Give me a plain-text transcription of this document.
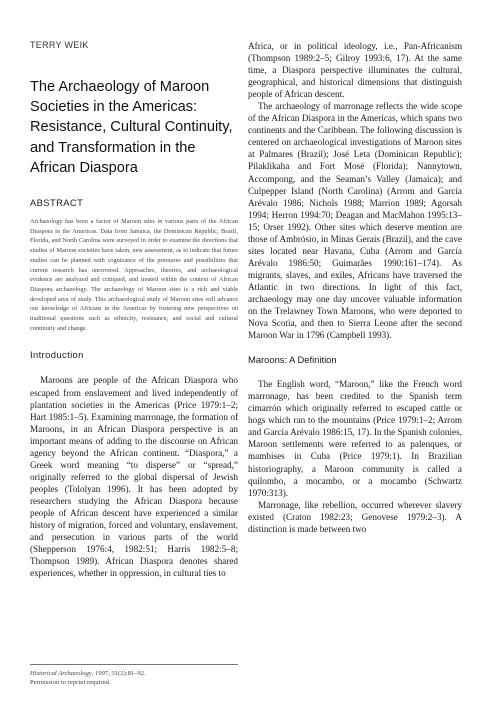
TERRY WEIK
The Archaeology of Maroon Societies in the Americas: Resistance, Cultural Continuity, and Transformation in the African Diaspora
ABSTRACT

Archaeology has been a factor of Maroon sites in various parts of the African Diaspora in the Americas. Data from Jamaica, the Dominican Republic, Brazil, Florida, and North Carolina were surveyed in order to examine the directions that studies of Maroon societies have taken, new assessment, as to indicate that future studies can be planned with cognizance of the pressures and possibilities that current research has uncovered. Approaches, theories, and archaeological evidence are analyzed and critiqued, and treated within the context of African Diaspora archaeology. The archaeology of Maroon sites is a rich and viable developed area of study. This archaeological study of Maroon sites will advance our knowledge of Africans in the Americas by fostering new perspectives on traditional questions such as ethnicity, resistance, and social and cultural continuity and change.

Introduction

Maroons are people of the African Diaspora who escaped from enslavement and lived independently of plantation societies in the Americas (Price 1979:1–2; Hart 1985:1–5). Examining marronage, the formation of Maroons, in an African Diaspora perspective is an important means of adding to the discourse on African agency beyond the African continent. “Diaspora,” a Greek word meaning “to disperse” or “spread,” originally referred to the global dispersal of Jewish peoples (Tololyan 1996). It has been adopted by researchers studying the African Diaspora because people of African descent have experienced a similar history of migration, forced and voluntary, enslavement, and persecution in various parts of the world (Shepperson 1976:4, 1982:51; Harris 1982:5–8; Thompson 1989). African Diaspora denotes shared experiences, whether in oppression, in cultural ties to

Africa, or in political ideology, i.e., Pan-Africanism (Thompson 1989:2–5; Gilroy 1993:6, 17). At the same time, a Diaspora perspective illuminates the cultural, geographical, and historical dimensions that distinguish people of African descent.

The archaeology of marronage reflects the wide scope of the African Diaspora in the Americas, which spans two continents and the Caribbean. The following discussion is centered on archaeological investigations of Maroon sites at Palmares (Brazil); José Leta (Dominican Republic); Pilaklikaha and Fort Mosé (Florida); Nannytown, Accompong, and the Seaman’s Valley (Jamaica); and Culpepper Island (North Carolina) (Arrom and García Arévalo 1986; Nichols 1988; Marrion 1989; Agorsah 1994; Herron 1994:70; Deagan and MacMahon 1995:13–15; Orser 1992). Other sites which deserve mention are those of Ambrósio, in Minas Gerais (Brazil), and the cave sites located near Havana, Cuba (Arrom and García Arévalo 1986:50; Guimarães 1990:161–174). As migrants, slaves, and exiles, Africans have traversed the Atlantic in two directions. In light of this fact, archaeology may one day uncover valuable information on the Trelawney Town Maroons, who were deported to Nova Scotia, and then to Sierra Leone after the second Maroon War in 1796 (Campbell 1993).

Maroons: A Definition

The English word, “Maroon,” like the French word marronage, has been credited to the Spanish term cimarrón which originally referred to escaped cattle or hogs which ran to the mountains (Price 1979:1–2; Arrom and García Arévalo 1986:15, 17). In the Spanish colonies, Maroon settlements were referred to as palenques, or mambises in Cuba (Price 1979:1). In Brazilian historiography, a Maroon community is called a quilombo, a mocambo, or a mocambo (Schwartz 1970:313).

Marronage, like rebellion, occurred wherever slavery existed (Craton 1982:23; Genovese 1979:2–3). A distinction is made between two

Historical Archaeology, 1997, 31(2):81–92.
Permission to reprint required.
